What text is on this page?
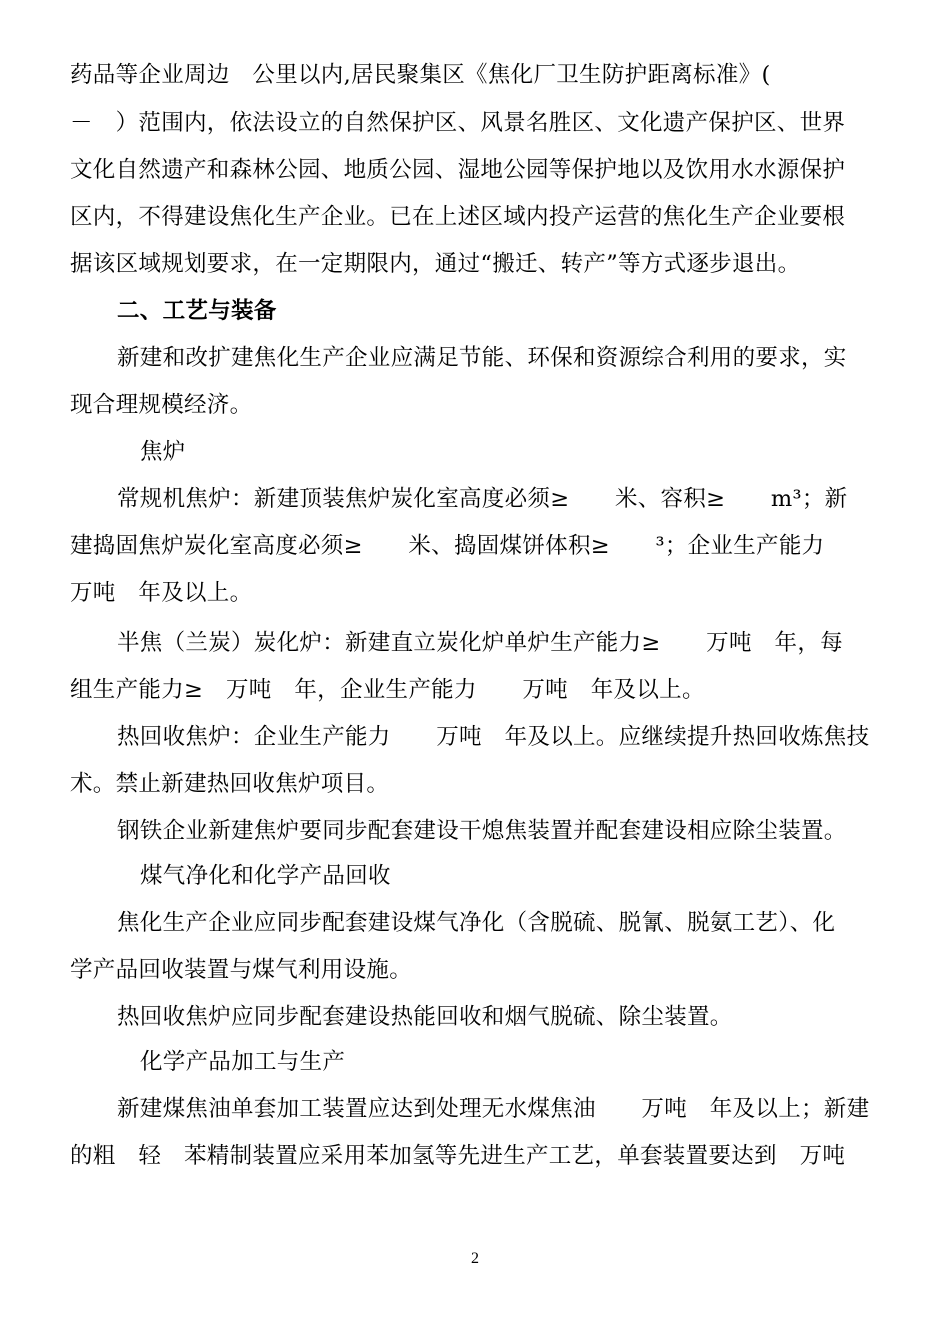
药品等企业周边　公里以内,居民聚集区《焦化厂卫生防护距离标准》(
－　）范围内，依法设立的自然保护区、风景名胜区、文化遗产保护区、世界
文化自然遗产和森林公园、地质公园、湿地公园等保护地以及饮用水水源保护
区内，不得建设焦化生产企业。已在上述区域内投产运营的焦化生产企业要根
据该区域规划要求，在一定期限内，通过“搬迁、转产”等方式逐步退出。
二、工艺与装备
新建和改扩建焦化生产企业应满足节能、环保和资源综合利用的要求，实
现合理规模经济。
焦炉
常规机焦炉：新建顶装焦炉炭化室高度必须≥　　米、容积≥　　m³；新
建捣固焦炉炭化室高度必须≥　　米、捣固煤饼体积≥　　³；企业生产能力
万吨　年及以上。
半焦（兰炭）炭化炉：新建直立炭化炉单炉生产能力≥　　万吨　年，每
组生产能力≥　万吨　年，企业生产能力　　万吨　年及以上。
热回收焦炉：企业生产能力　　万吨　年及以上。应继续提升热回收炼焦技
术。禁止新建热回收焦炉项目。
钢铁企业新建焦炉要同步配套建设干熄焦装置并配套建设相应除尘装置。
煤气净化和化学产品回收
焦化生产企业应同步配套建设煤气净化（含脱硫、脱氰、脱氨工艺）、化
学产品回收装置与煤气利用设施。
热回收焦炉应同步配套建设热能回收和烟气脱硫、除尘装置。
化学产品加工与生产
新建煤焦油单套加工装置应达到处理无水煤焦油　　万吨　年及以上；新建
的粗　轻　苯精制装置应采用苯加氢等先进生产工艺，单套装置要达到　万吨
2
